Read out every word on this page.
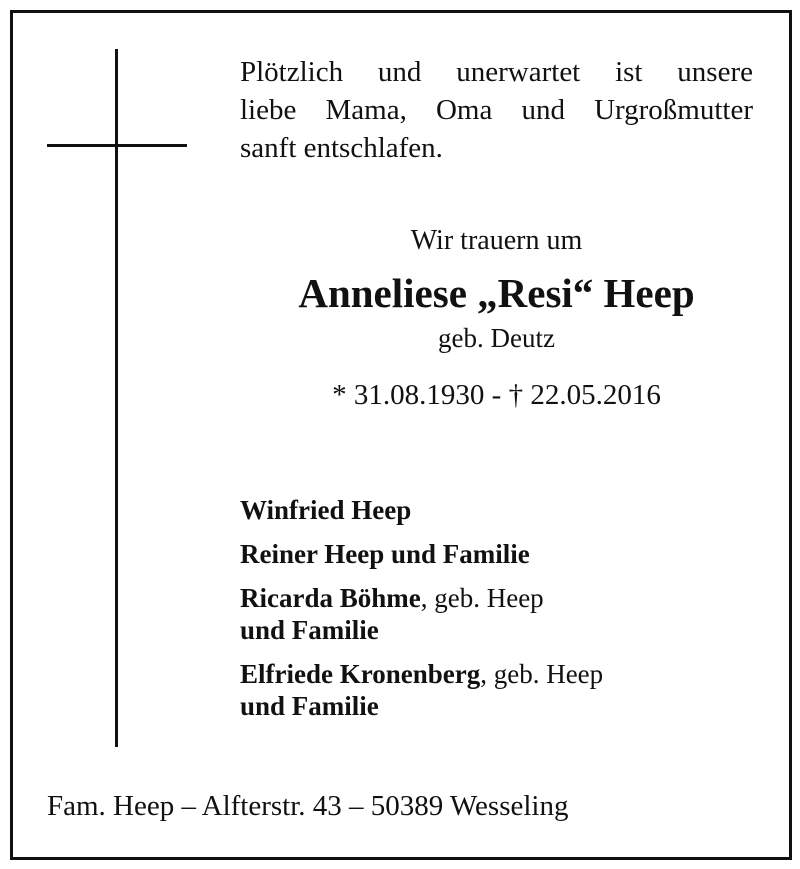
Plötzlich und unerwartet ist unsere
liebe Mama, Oma und Urgroßmutter
sanft entschlafen.
Wir trauern um
Anneliese „Resi“ Heep
geb. Deutz
* 31.08.1930 - † 22.05.2016
Winfried Heep
Reiner Heep und Familie
Ricarda Böhme, geb. Heep
und Familie
Elfriede Kronenberg, geb. Heep
und Familie
Fam. Heep – Alfterstr. 43 – 50389 Wesseling
